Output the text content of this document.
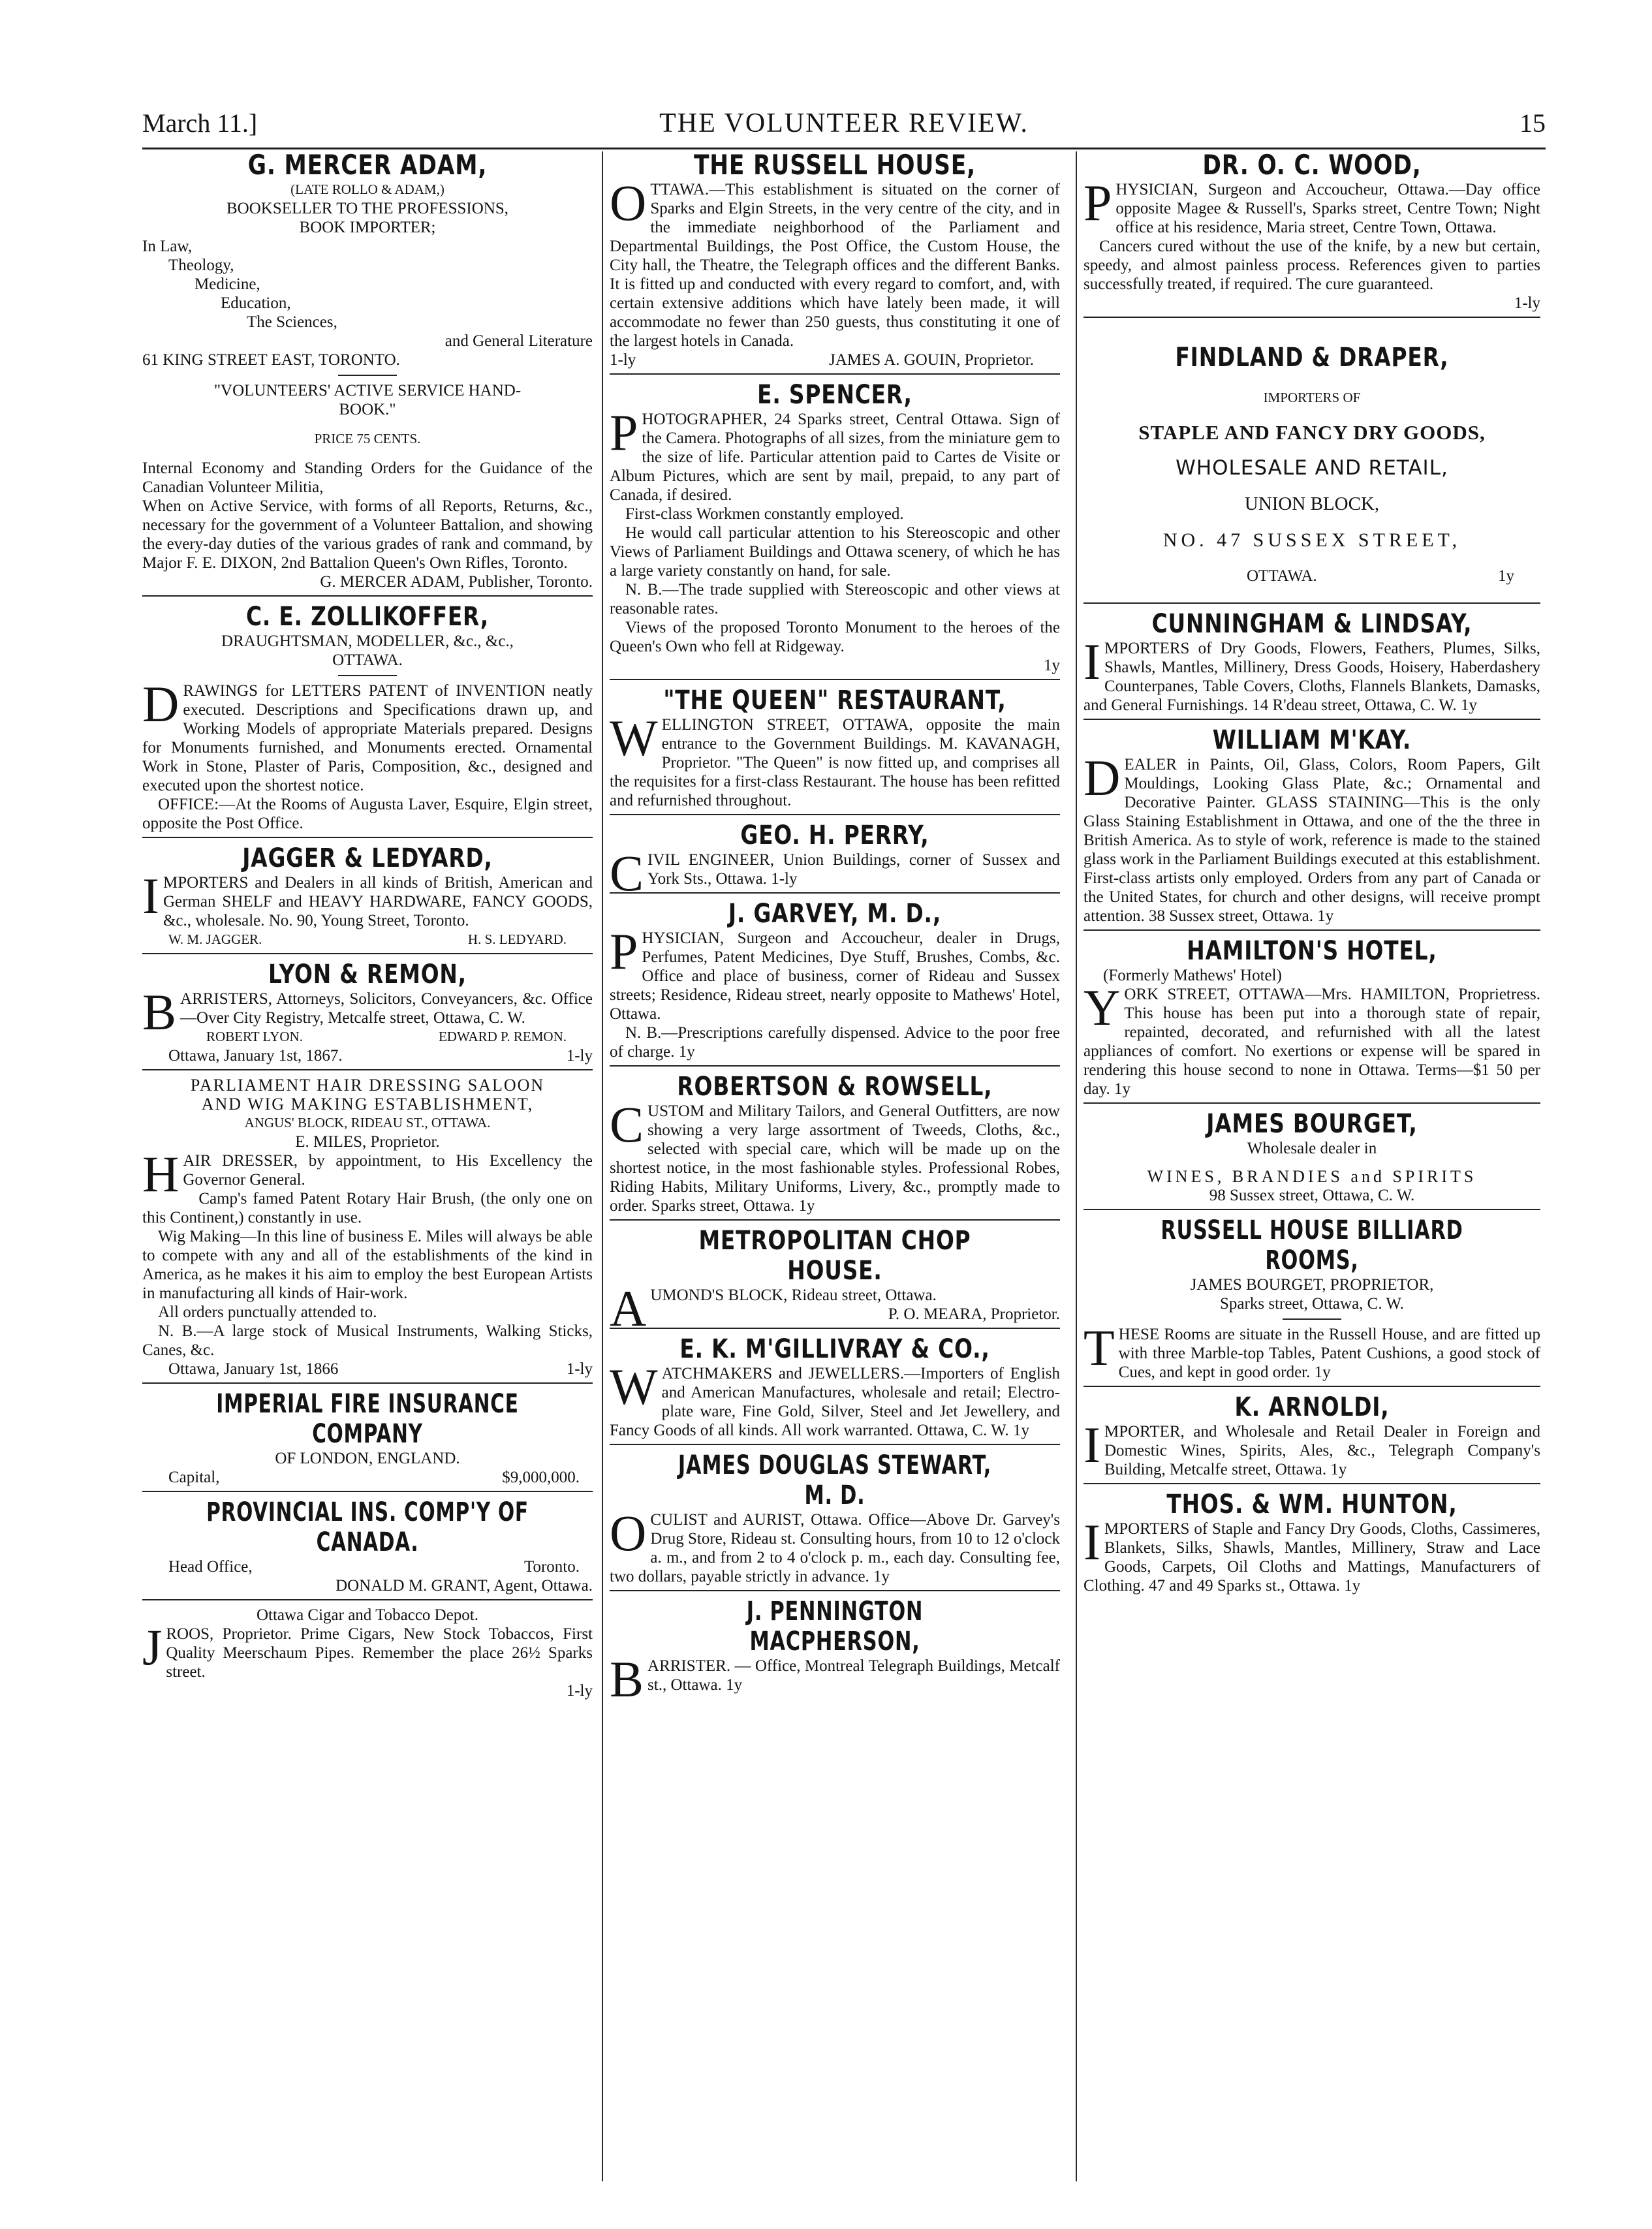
March 11.]	THE VOLUNTEER REVIEW.	15
G. MERCER ADAM,
(LATE ROLLO & ADAM,)

BOOKSELLER TO THE PROFESSIONS,

BOOK IMPORTER;

In Law,

Theology,

Medicine,

Education,

The Sciences,

and General Literature

61 KING STREET EAST, TORONTO.

"VOLUNTEERS' ACTIVE SERVICE HAND-

BOOK."

PRICE 75 CENTS.

Internal Economy and Standing Orders for the Guidance of the Canadian Volunteer Militia,

When on Active Service, with forms of all Reports, Returns, &c., necessary for the government of a Volunteer Battalion, and showing the every-day duties of the various grades of rank and command, by Major F. E. DIXON, 2nd Battalion Queen's Own Rifles, Toronto.

G. MERCER ADAM, Publisher, Toronto.

C. E. ZOLLIKOFFER,

DRAUGHTSMAN, MODELLER, &c., &c.,

OTTAWA.

DRAWINGS for LETTERS PATENT of INVENTION neatly executed. Descriptions and Specifications drawn up, and Working Models of appropriate Materials prepared. Designs for Monuments furnished, and Monuments erected. Ornamental Work in Stone, Plaster of Paris, Composition, &c., designed and executed upon the shortest notice.

OFFICE:—At the Rooms of Augusta Laver, Esquire, Elgin street, opposite the Post Office.

JAGGER & LEDYARD,

IMPORTERS and Dealers in all kinds of British, American and German SHELF and HEAVY HARDWARE, FANCY GOODS, &c., wholesale. No. 90, Young Street, Toronto.

W. M. JAGGER.	H. S. LEDYARD.
LYON & REMON,

BARRISTERS, Attorneys, Solicitors, Conveyancers, &c. Office—Over City Registry, Metcalfe street, Ottawa, C. W.

ROBERT LYON.	EDWARD P. REMON.
Ottawa, January 1st, 1867.	1-ly

PARLIAMENT HAIR DRESSING SALOON

AND WIG MAKING ESTABLISHMENT,

ANGUS' BLOCK, RIDEAU ST., OTTAWA.

E. MILES, Proprietor.

HAIR DRESSER, by appointment, to His Excellency the Governor General.

Camp's famed Patent Rotary Hair Brush, (the only one on this Continent,) constantly in use.

Wig Making—In this line of business E. Miles will always be able to compete with any and all of the establishments of the kind in America, as he makes it his aim to employ the best European Artists in manufacturing all kinds of Hair-work.

All orders punctually attended to.

N. B.—A large stock of Musical Instruments, Walking Sticks, Canes, &c.

Ottawa, January 1st, 1866	1-ly
IMPERIAL FIRE INSURANCE COMPANY

OF LONDON, ENGLAND.

Capital,	$9,000,000.
PROVINCIAL INS. COMP'Y OF CANADA.
Head Office,	Toronto.

DONALD M. GRANT, Agent, Ottawa.

Ottawa Cigar and Tobacco Depot.

JROOS, Proprietor. Prime Cigars, New Stock Tobaccos, First Quality Meerschaum Pipes. Remember the place 26½ Sparks street.

1-ly

THE RUSSELL HOUSE,

OTTAWA.—This establishment is situated on the corner of Sparks and Elgin Streets, in the very centre of the city, and in the immediate neighborhood of the Parliament and Departmental Buildings, the Post Office, the Custom House, the City hall, the Theatre, the Telegraph offices and the different Banks. It is fitted up and conducted with every regard to comfort, and, with certain extensive additions which have lately been made, it will accommodate no fewer than 250 guests, thus constituting it one of the largest hotels in Canada.

1-ly	JAMES A. GOUIN, Proprietor.
E. SPENCER,

PHOTOGRAPHER, 24 Sparks street, Central Ottawa. Sign of the Camera. Photographs of all sizes, from the miniature gem to the size of life. Particular attention paid to Cartes de Visite or Album Pictures, which are sent by mail, prepaid, to any part of Canada, if desired.

First-class Workmen constantly employed.

He would call particular attention to his Stereoscopic and other Views of Parliament Buildings and Ottawa scenery, of which he has a large variety constantly on hand, for sale.

N. B.—The trade supplied with Stereoscopic and other views at reasonable rates.

Views of the proposed Toronto Monument to the heroes of the Queen's Own who fell at Ridgeway.

1y

"THE QUEEN" RESTAURANT,

WELLINGTON STREET, OTTAWA, opposite the main entrance to the Government Buildings. M. KAVANAGH, Proprietor. "The Queen" is now fitted up, and comprises all the requisites for a first-class Restaurant. The house has been refitted and refurnished throughout.

GEO. H. PERRY,

CIVIL ENGINEER, Union Buildings, corner of Sussex and York Sts., Ottawa. 1-ly

J. GARVEY, M. D.,

PHYSICIAN, Surgeon and Accoucheur, dealer in Drugs, Perfumes, Patent Medicines, Dye Stuff, Brushes, Combs, &c. Office and place of business, corner of Rideau and Sussex streets; Residence, Rideau street, nearly opposite to Mathews' Hotel, Ottawa.

N. B.—Prescriptions carefully dispensed. Advice to the poor free of charge. 1y

ROBERTSON & ROWSELL,

CUSTOM and Military Tailors, and General Outfitters, are now showing a very large assortment of Tweeds, Cloths, &c., selected with special care, which will be made up on the shortest notice, in the most fashionable styles. Professional Robes, Riding Habits, Military Uniforms, Livery, &c., promptly made to order. Sparks street, Ottawa. 1y

METROPOLITAN CHOP HOUSE.

AUMOND'S BLOCK, Rideau street, Ottawa.

P. O. MEARA, Proprietor.

E. K. M'GILLIVRAY & CO.,

WATCHMAKERS and JEWELLERS.—Importers of English and American Manufactures, wholesale and retail; Electro-plate ware, Fine Gold, Silver, Steel and Jet Jewellery, and Fancy Goods of all kinds. All work warranted. Ottawa, C. W. 1y

JAMES DOUGLAS STEWART, M. D.

OCULIST and AURIST, Ottawa. Office—Above Dr. Garvey's Drug Store, Rideau st. Consulting hours, from 10 to 12 o'clock a. m., and from 2 to 4 o'clock p. m., each day. Consulting fee, two dollars, payable strictly in advance. 1y

J. PENNINGTON MACPHERSON,

BARRISTER. — Office, Montreal Telegraph Buildings, Metcalf st., Ottawa. 1y

DR. O. C. WOOD,

PHYSICIAN, Surgeon and Accoucheur, Ottawa.—Day office opposite Magee & Russell's, Sparks street, Centre Town; Night office at his residence, Maria street, Centre Town, Ottawa.

Cancers cured without the use of the knife, by a new but certain, speedy, and almost painless process. References given to parties successfully treated, if required. The cure guaranteed.

1-ly

FINDLAND & DRAPER,

IMPORTERS OF

STAPLE AND FANCY DRY GOODS,

WHOLESALE AND RETAIL,

UNION BLOCK,

NO. 47 SUSSEX STREET,

OTTAWA.	1y
CUNNINGHAM & LINDSAY,

IMPORTERS of Dry Goods, Flowers, Feathers, Plumes, Silks, Shawls, Mantles, Millinery, Dress Goods, Hoisery, Haberdashery Counterpanes, Table Covers, Cloths, Flannels Blankets, Damasks, and General Furnishings. 14 R'deau street, Ottawa, C. W. 1y

WILLIAM M'KAY.

DEALER in Paints, Oil, Glass, Colors, Room Papers, Gilt Mouldings, Looking Glass Plate, &c.; Ornamental and Decorative Painter. GLASS STAINING—This is the only Glass Staining Establishment in Ottawa, and one of the the three in British America. As to style of work, reference is made to the stained glass work in the Parliament Buildings executed at this establishment. First-class artists only employed. Orders from any part of Canada or the United States, for church and other designs, will receive prompt attention. 38 Sussex street, Ottawa. 1y

HAMILTON'S HOTEL,

(Formerly Mathews' Hotel)

YORK STREET, OTTAWA—Mrs. HAMILTON, Proprietress. This house has been put into a thorough state of repair, repainted, decorated, and refurnished with all the latest appliances of comfort. No exertions or expense will be spared in rendering this house second to none in Ottawa. Terms—$1 50 per day. 1y

JAMES BOURGET,

Wholesale dealer in

WINES, BRANDIES and SPIRITS

98 Sussex street, Ottawa, C. W.

RUSSELL HOUSE BILLIARD ROOMS,

JAMES BOURGET, PROPRIETOR,

Sparks street, Ottawa, C. W.

THESE Rooms are situate in the Russell House, and are fitted up with three Marble-top Tables, Patent Cushions, a good stock of Cues, and kept in good order. 1y

K. ARNOLDI,

IMPORTER, and Wholesale and Retail Dealer in Foreign and Domestic Wines, Spirits, Ales, &c., Telegraph Company's Building, Metcalfe street, Ottawa. 1y

THOS. & WM. HUNTON,

IMPORTERS of Staple and Fancy Dry Goods, Cloths, Cassimeres, Blankets, Silks, Shawls, Mantles, Millinery, Straw and Lace Goods, Carpets, Oil Cloths and Mattings, Manufacturers of Clothing. 47 and 49 Sparks st., Ottawa. 1y
